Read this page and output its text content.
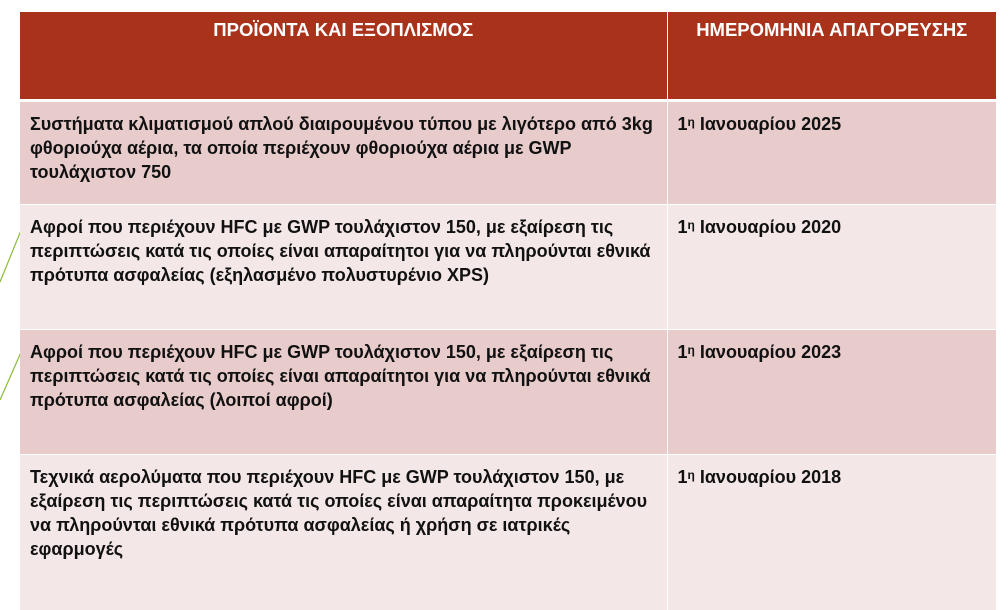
ΠΡΟΪΟΝΤΑ ΚΑΙ ΕΞΟΠΛΙΣΜΟΣ	ΗΜΕΡΟΜΗΝΙΑ ΑΠΑΓΟΡΕΥΣΗΣ
Συστήματα κλιματισμού απλού διαιρουμένου τύπου με λιγότερο από 3kg φθοριούχα αέρια, τα οποία περιέχουν φθοριούχα αέρια με GWP τουλάχιστον 750	$1^\eta$ Ιανουαρίου 2025
Αφροί που περιέχουν HFC με GWP τουλάχιστον 150, με εξαίρεση τις περιπτώσεις κατά τις οποίες είναι απαραίτητοι για να πληρούνται εθνικά πρότυπα ασφαλείας (εξηλασμένο πολυστυρένιο XPS)	$1^\eta$ Ιανουαρίου 2020
Αφροί που περιέχουν HFC με GWP τουλάχιστον 150, με εξαίρεση τις περιπτώσεις κατά τις οποίες είναι απαραίτητοι για να πληρούνται εθνικά πρότυπα ασφαλείας (λοιποί αφροί)	$1^\eta$ Ιανουαρίου 2023
Τεχνικά αερολύματα που περιέχουν HFC με GWP τουλάχιστον 150, με εξαίρεση τις περιπτώσεις κατά τις οποίες είναι απαραίτητα προκειμένου να πληρούνται εθνικά πρότυπα ασφαλείας ή χρήση σε ιατρικές εφαρμογές	$1^\eta$ Ιανουαρίου 2018
